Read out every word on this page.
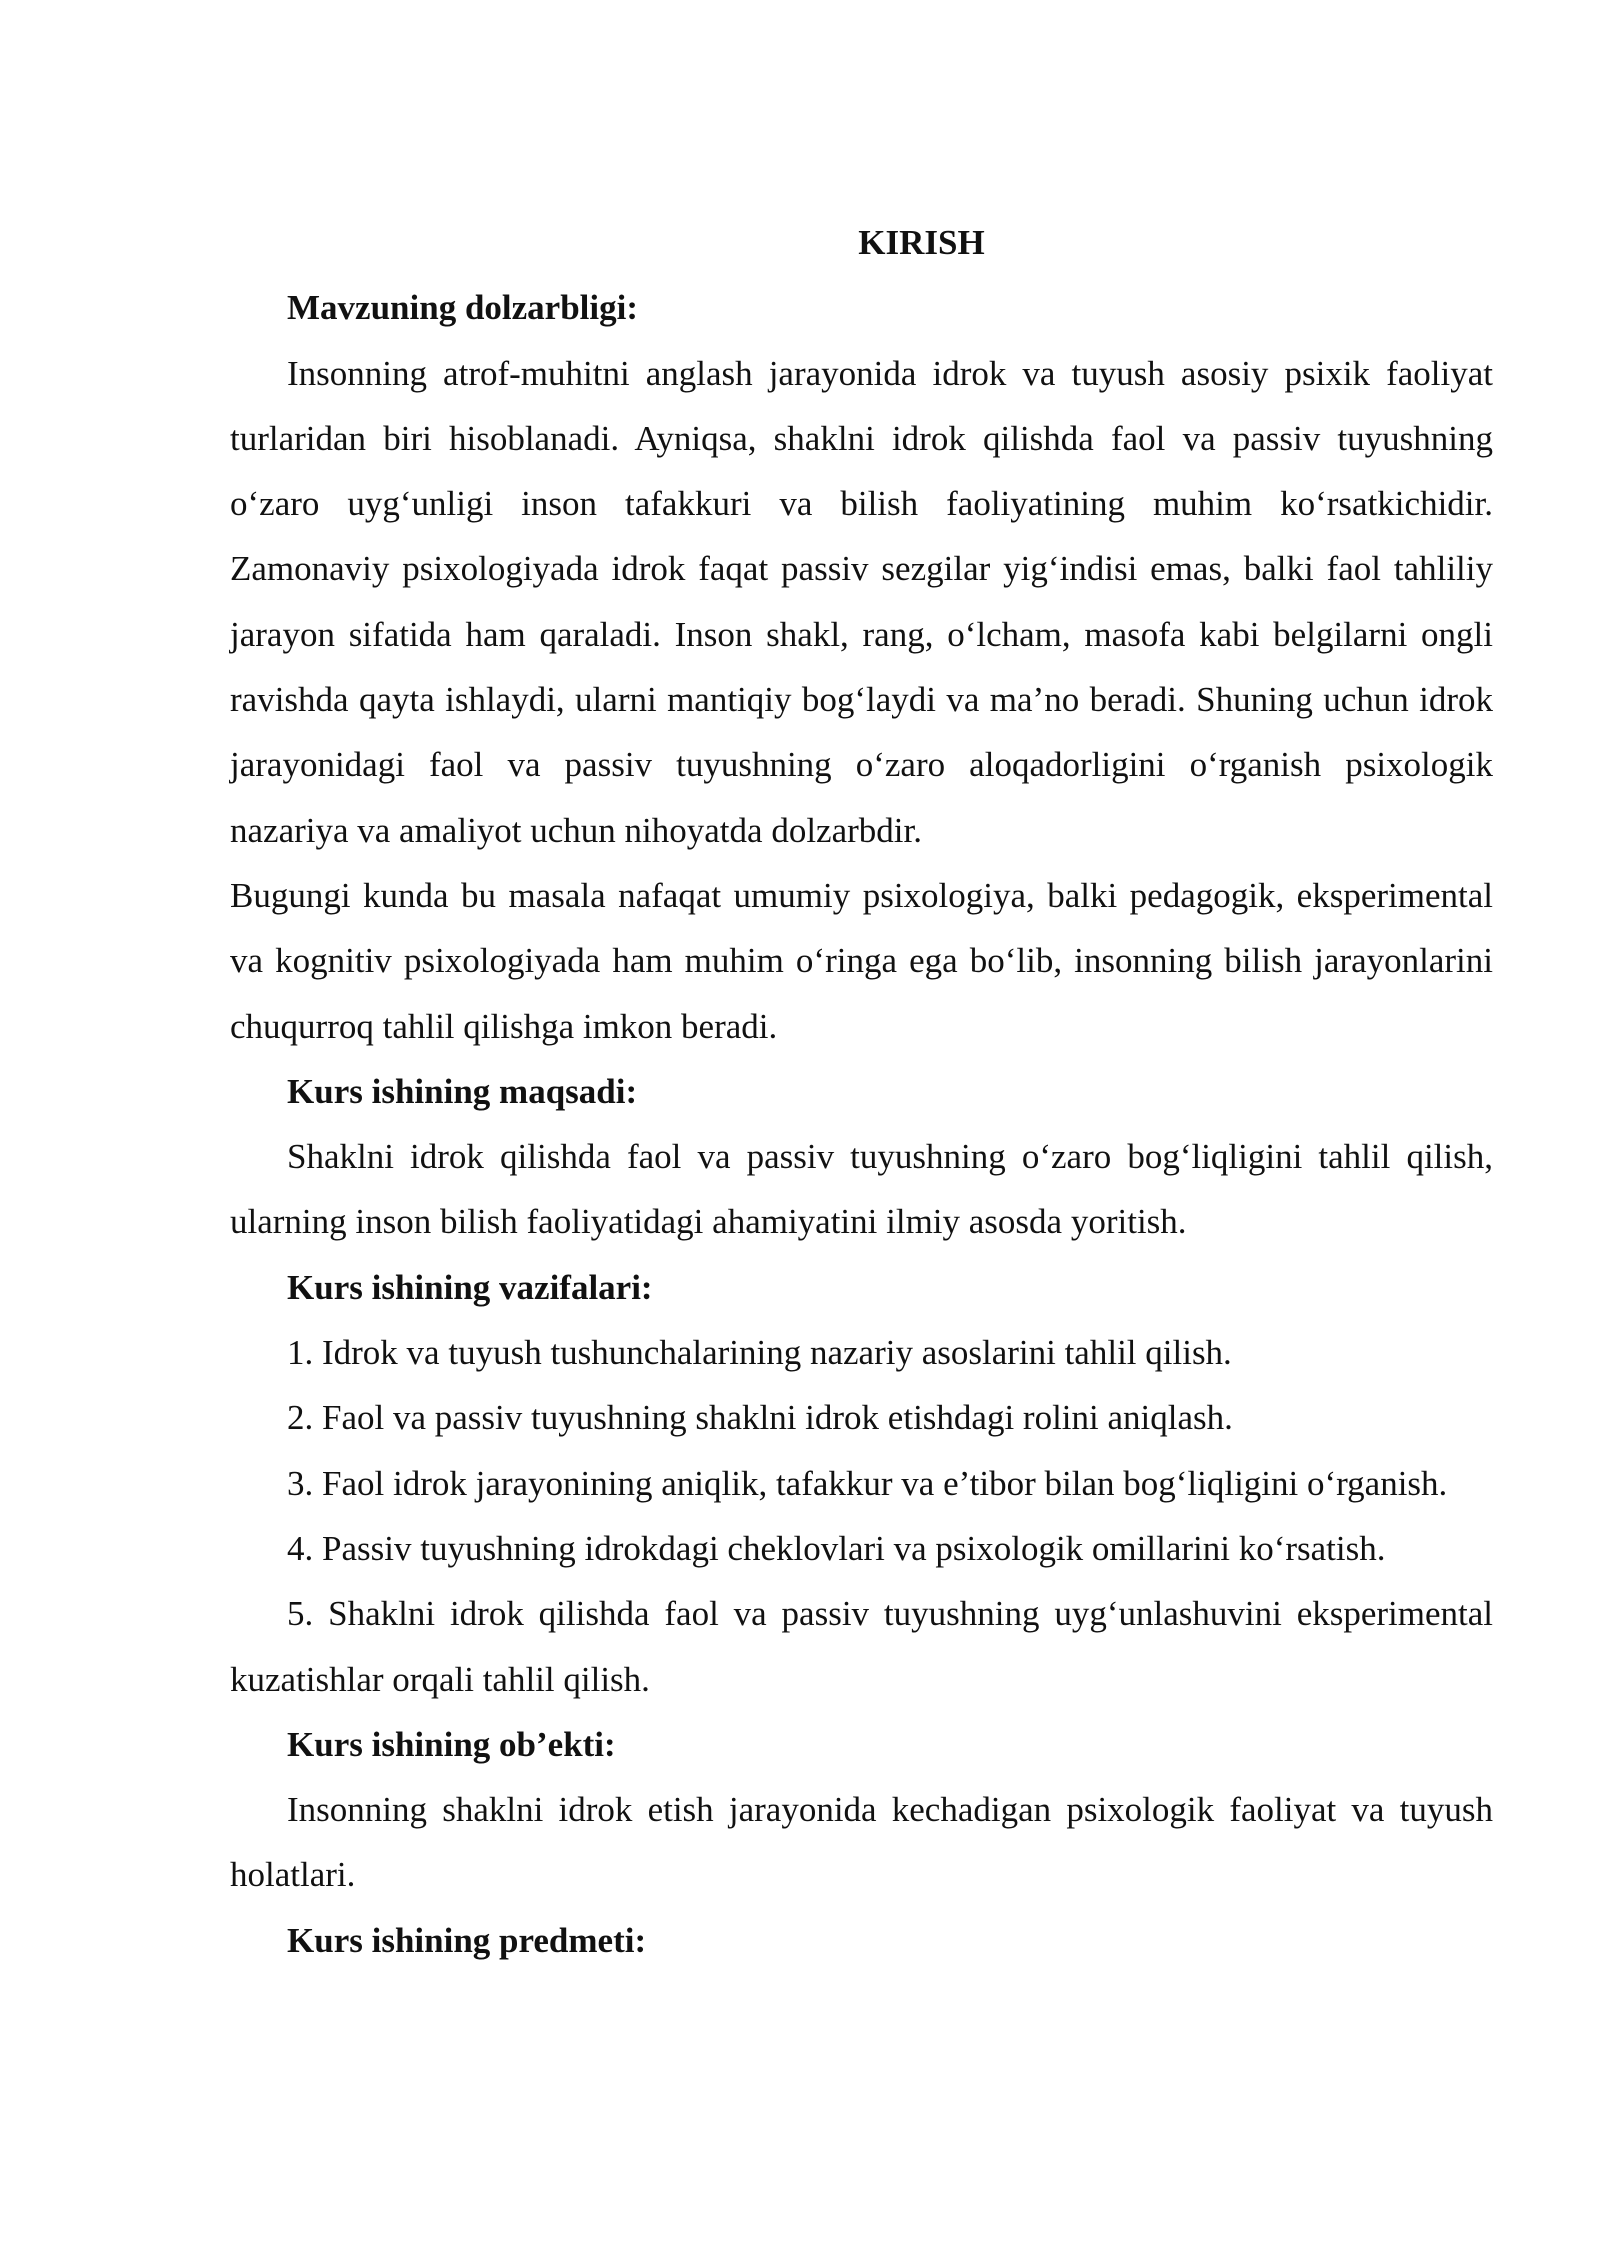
KIRISH

Mavzuning dolzarbligi:

Insonning atrof-muhitni anglash jarayonida idrok va tuyush asosiy psixik faoliyat turlaridan biri hisoblanadi. Ayniqsa, shaklni idrok qilishda faol va passiv tuyushning o‘zaro uyg‘unligi inson tafakkuri va bilish faoliyatining muhim ko‘rsatkichidir. Zamonaviy psixologiyada idrok faqat passiv sezgilar yig‘indisi emas, balki faol tahliliy jarayon sifatida ham qaraladi. Inson shakl, rang, o‘lcham, masofa kabi belgilarni ongli ravishda qayta ishlaydi, ularni mantiqiy bog‘laydi va ma’no beradi. Shuning uchun idrok jarayonidagi faol va passiv tuyushning o‘zaro aloqadorligini o‘rganish psixologik nazariya va amaliyot uchun nihoyatda dolzarbdir.

Bugungi kunda bu masala nafaqat umumiy psixologiya, balki pedagogik, eksperimental va kognitiv psixologiyada ham muhim o‘ringa ega bo‘lib, insonning bilish jarayonlarini chuqurroq tahlil qilishga imkon beradi.

Kurs ishining maqsadi:

Shaklni idrok qilishda faol va passiv tuyushning o‘zaro bog‘liqligini tahlil qilish, ularning inson bilish faoliyatidagi ahamiyatini ilmiy asosda yoritish.

Kurs ishining vazifalari:

1. Idrok va tuyush tushunchalarining nazariy asoslarini tahlil qilish.

2. Faol va passiv tuyushning shaklni idrok etishdagi rolini aniqlash.

3. Faol idrok jarayonining aniqlik, tafakkur va e’tibor bilan bog‘liqligini o‘rganish.

4. Passiv tuyushning idrokdagi cheklovlari va psixologik omillarini ko‘rsatish.

5. Shaklni idrok qilishda faol va passiv tuyushning uyg‘unlashuvini eksperimental kuzatishlar orqali tahlil qilish.

Kurs ishining ob’ekti:

Insonning shaklni idrok etish jarayonida kechadigan psixologik faoliyat va tuyush holatlari.

Kurs ishining predmeti:
